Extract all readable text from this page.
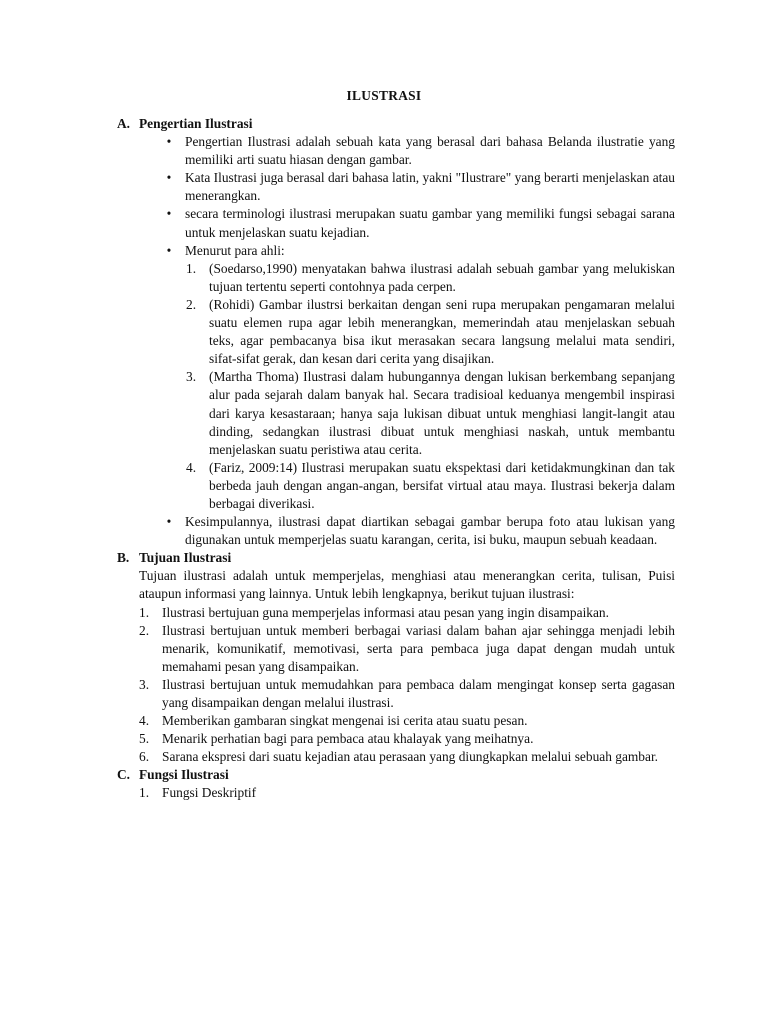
ILUSTRASI
A. Pengertian Ilustrasi
• Pengertian Ilustrasi adalah sebuah kata yang berasal dari bahasa Belanda ilustratie yang memiliki arti suatu hiasan dengan gambar.
• Kata Ilustrasi juga berasal dari bahasa latin, yakni "Ilustrare" yang berarti menjelaskan atau menerangkan.
• secara terminologi ilustrasi merupakan suatu gambar yang memiliki fungsi sebagai sarana untuk menjelaskan suatu kejadian.
• Menurut para ahli:
1. (Soedarso,1990) menyatakan bahwa ilustrasi adalah sebuah gambar yang melukiskan tujuan tertentu seperti contohnya pada cerpen.
2. (Rohidi) Gambar ilustrsi berkaitan dengan seni rupa merupakan pengamaran melalui suatu elemen rupa agar lebih menerangkan, memerindah atau menjelaskan sebuah teks, agar pembacanya bisa ikut merasakan secara langsung melalui mata sendiri, sifat-sifat gerak, dan kesan dari cerita yang disajikan.
3. (Martha Thoma) Ilustrasi dalam hubungannya dengan lukisan berkembang sepanjang alur pada sejarah dalam banyak hal. Secara tradisioal keduanya mengembil inspirasi dari karya kesastaraan; hanya saja lukisan dibuat untuk menghiasi langit-langit atau dinding, sedangkan ilustrasi dibuat untuk menghiasi naskah, untuk membantu menjelaskan suatu peristiwa atau cerita.
4. (Fariz, 2009:14) Ilustrasi merupakan suatu ekspektasi dari ketidakmungkinan dan tak berbeda jauh dengan angan-angan, bersifat virtual atau maya. Ilustrasi bekerja dalam berbagai diverikasi.
• Kesimpulannya, ilustrasi dapat diartikan sebagai gambar berupa foto atau lukisan yang digunakan untuk memperjelas suatu karangan, cerita, isi buku, maupun sebuah keadaan.
B. Tujuan Ilustrasi
Tujuan ilustrasi adalah untuk memperjelas, menghiasi atau menerangkan cerita, tulisan, Puisi ataupun informasi yang lainnya. Untuk lebih lengkapnya, berikut tujuan ilustrasi:
1. Ilustrasi bertujuan guna memperjelas informasi atau pesan yang ingin disampaikan.
2. Ilustrasi bertujuan untuk memberi berbagai variasi dalam bahan ajar sehingga menjadi lebih menarik, komunikatif, memotivasi, serta para pembaca juga dapat dengan mudah untuk memahami pesan yang disampaikan.
3. Ilustrasi bertujuan untuk memudahkan para pembaca dalam mengingat konsep serta gagasan yang disampaikan dengan melalui ilustrasi.
4. Memberikan gambaran singkat mengenai isi cerita atau suatu pesan.
5. Menarik perhatian bagi para pembaca atau khalayak yang meihatnya.
6. Sarana ekspresi dari suatu kejadian atau perasaan yang diungkapkan melalui sebuah gambar.
C. Fungsi Ilustrasi
1. Fungsi Deskriptif
